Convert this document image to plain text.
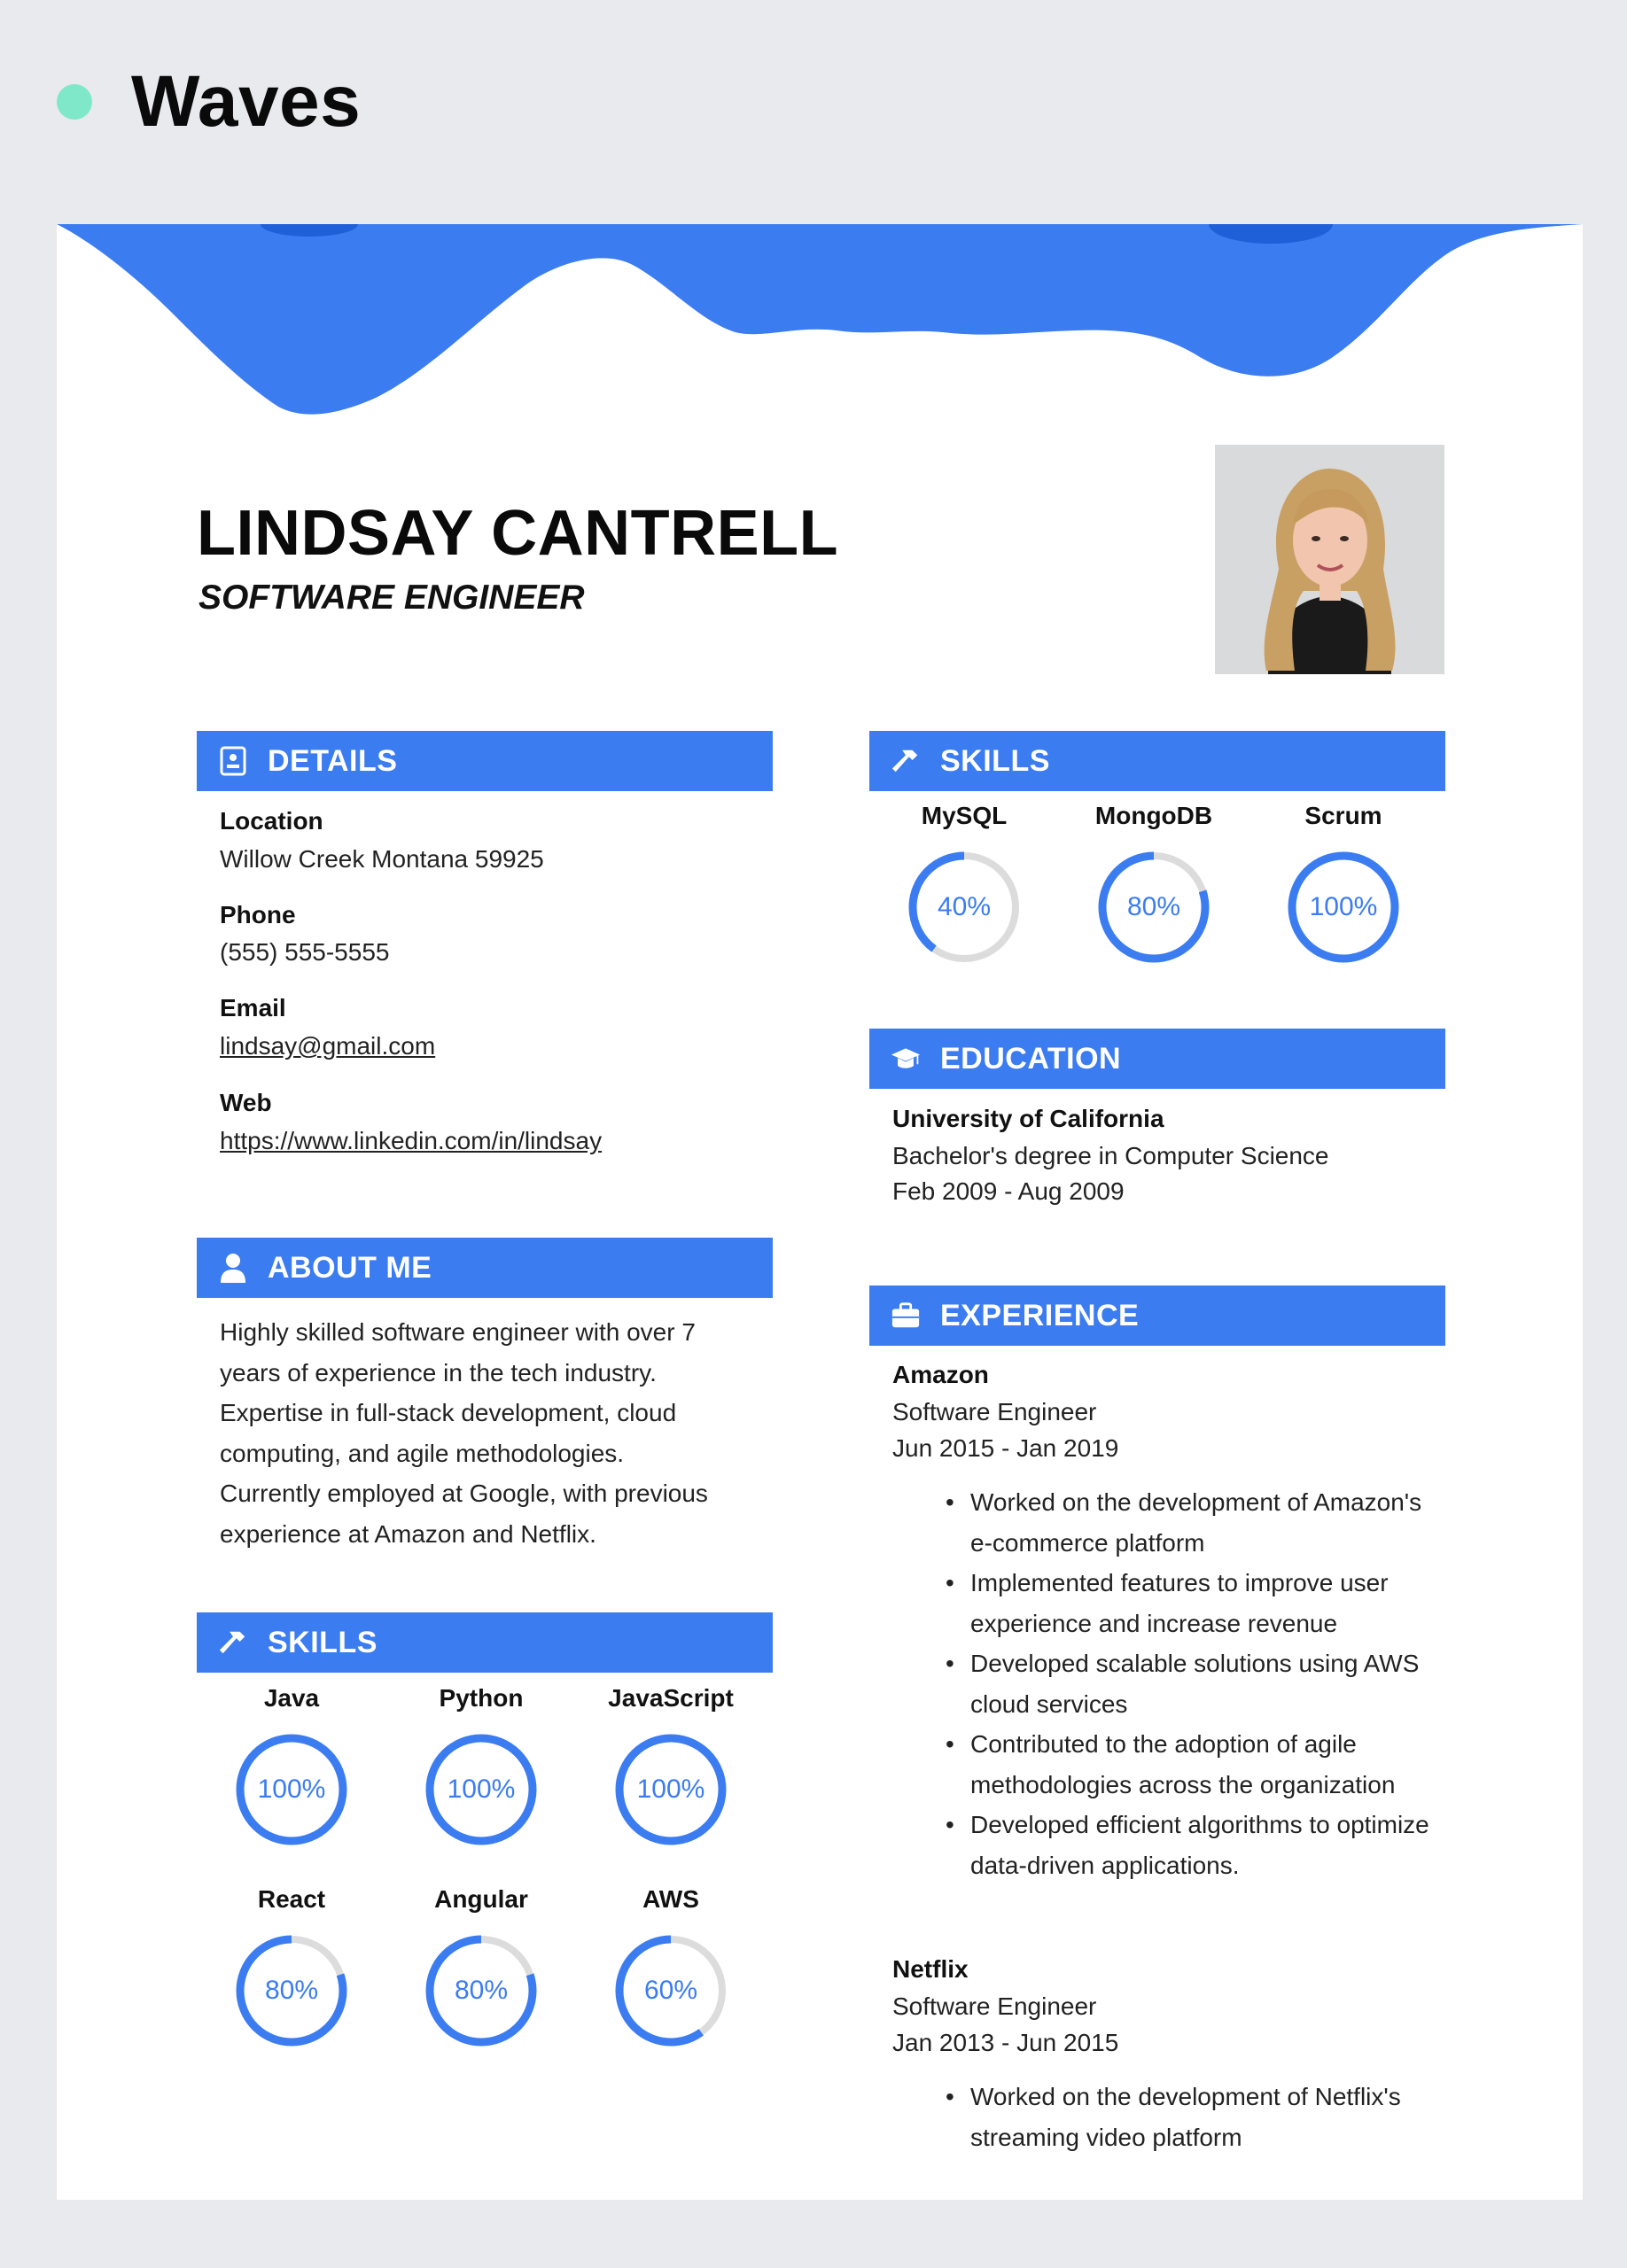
Waves
LINDSAY CANTRELL
SOFTWARE ENGINEER
DETAILS
Location
Willow Creek Montana 59925
Phone
(555) 555-5555
Email
lindsay@gmail.com
Web
https://www.linkedin.com/in/lindsay
ABOUT ME
Highly skilled software engineer with over 7
years of experience in the tech industry.
Expertise in full-stack development, cloud
computing, and agile methodologies.
Currently employed at Google, with previous
experience at Amazon and Netflix.
SKILLS
Java
100%
Python
100%
JavaScript
100%
React
80%
Angular
80%
AWS
60%
SKILLS
MySQL
40%
MongoDB
80%
Scrum
100%
EDUCATION
University of California
Bachelor's degree in Computer Science
Feb 2009 - Aug 2009
EXPERIENCE
Amazon
Software Engineer
Jun 2015 - Jan 2019
• Worked on the development of Amazon's e-commerce platform
• Implemented features to improve user experience and increase revenue
• Developed scalable solutions using AWS cloud services
• Contributed to the adoption of agile methodologies across the organization
• Developed efficient algorithms to optimize data-driven applications.
Netflix
Software Engineer
Jan 2013 - Jun 2015
• Worked on the development of Netflix's streaming video platform
